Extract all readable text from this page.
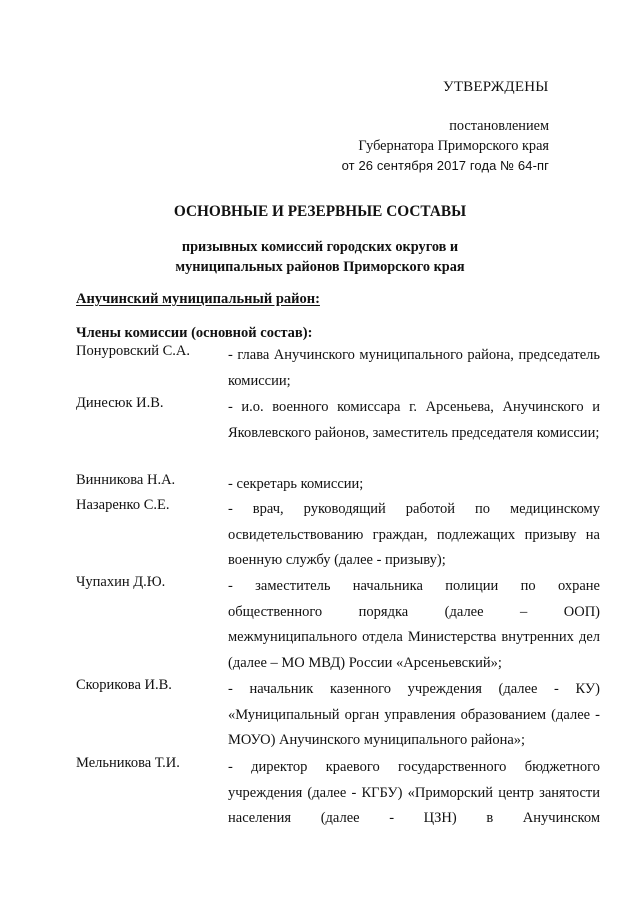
УТВЕРЖДЕНЫ
постановлением
Губернатора Приморского края
от 26 сентября 2017 года № 64-пг
ОСНОВНЫЕ И РЕЗЕРВНЫЕ СОСТАВЫ
призывных комиссий городских округов и
муниципальных районов Приморского края
Анучинский муниципальный район:
Члены комиссии (основной состав):
Понуровский С.А.	- глава Анучинского муниципального района, председатель комиссии;
Динесюк И.В.	- и.о. военного комиссара г. Арсеньева, Анучинского и Яковлевского районов, заместитель председателя комиссии;
Винникова Н.А.	- секретарь комиссии;
Назаренко С.Е.	- врач, руководящий работой по медицинскому освидетельствованию граждан, подлежащих призыву на военную службу (далее - призыву);
Чупахин Д.Ю.	- заместитель начальника полиции по охране общественного порядка (далее – ООП) межмуниципального отдела Министерства внутренних дел (далее – МО МВД) России «Арсеньевский»;
Скорикова И.В.	- начальник казенного учреждения (далее - КУ) «Муниципальный орган управления образованием (далее - МОУО) Анучинского муниципального района»;
Мельникова Т.И.	- директор краевого государственного бюджетного учреждения (далее - КГБУ) «Приморский центр занятости населения (далее - ЦЗН) в Анучинском
